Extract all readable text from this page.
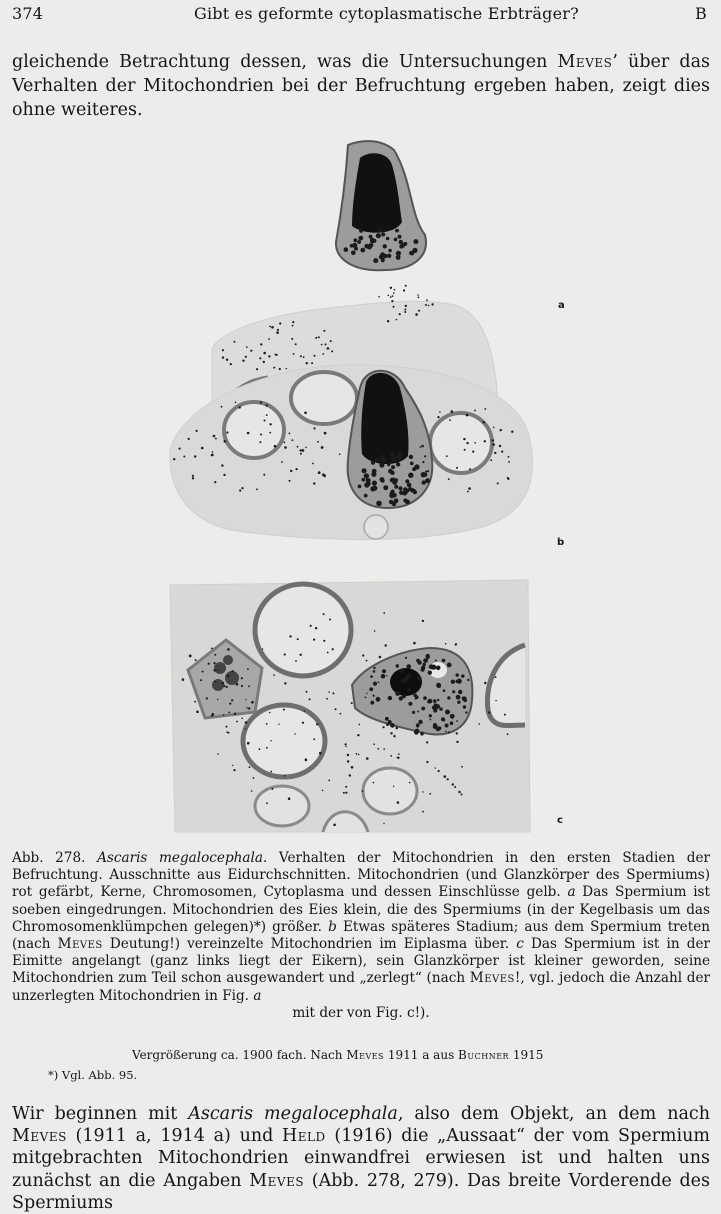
374	Gibt es geformte cytoplasmatische Erbträger?	B
gleichende Betrachtung dessen, was die Untersuchungen Meves’ über das Verhalten der Mitochondrien bei der Befruchtung ergeben haben, zeigt dies ohne weiteres.
a
b
c
Abb. 278. Ascaris megalocephala. Verhalten der Mitochondrien in den ersten Stadien der Befruchtung. Ausschnitte aus Eidurchschnitten. Mitochondrien (und Glanzkörper des Spermiums) rot gefärbt, Kerne, Chromosomen, Cytoplasma und dessen Einschlüsse gelb. a Das Spermium ist soeben eingedrungen. Mitochondrien des Eies klein, die des Spermiums (in der Kegelbasis um das Chromosomenklümpchen gelegen)*) größer. b Etwas späteres Stadium; aus dem Spermium treten (nach Meves Deutung!) vereinzelte Mitochondrien im Eiplasma über. c Das Spermium ist in der Eimitte angelangt (ganz links liegt der Eikern), sein Glanzkörper ist kleiner geworden, seine Mitochondrien zum Teil schon ausgewandert und „zerlegt“ (nach Meves!, vgl. jedoch die Anzahl der unzerlegten Mitochondrien in Fig. a
mit der von Fig. c!).
Vergrößerung ca. 1900 fach. Nach Meves 1911 a aus Buchner 1915
*) Vgl. Abb. 95.
Wir beginnen mit Ascaris megalocephala, also dem Objekt, an dem nach Meves (1911 a, 1914 a) und Held (1916) die „Aussaat“ der vom Spermium mitgebrachten Mitochondrien einwandfrei erwiesen ist und halten uns zunächst an die Angaben Meves (Abb. 278, 279). Das breite Vorderende des Spermiums
